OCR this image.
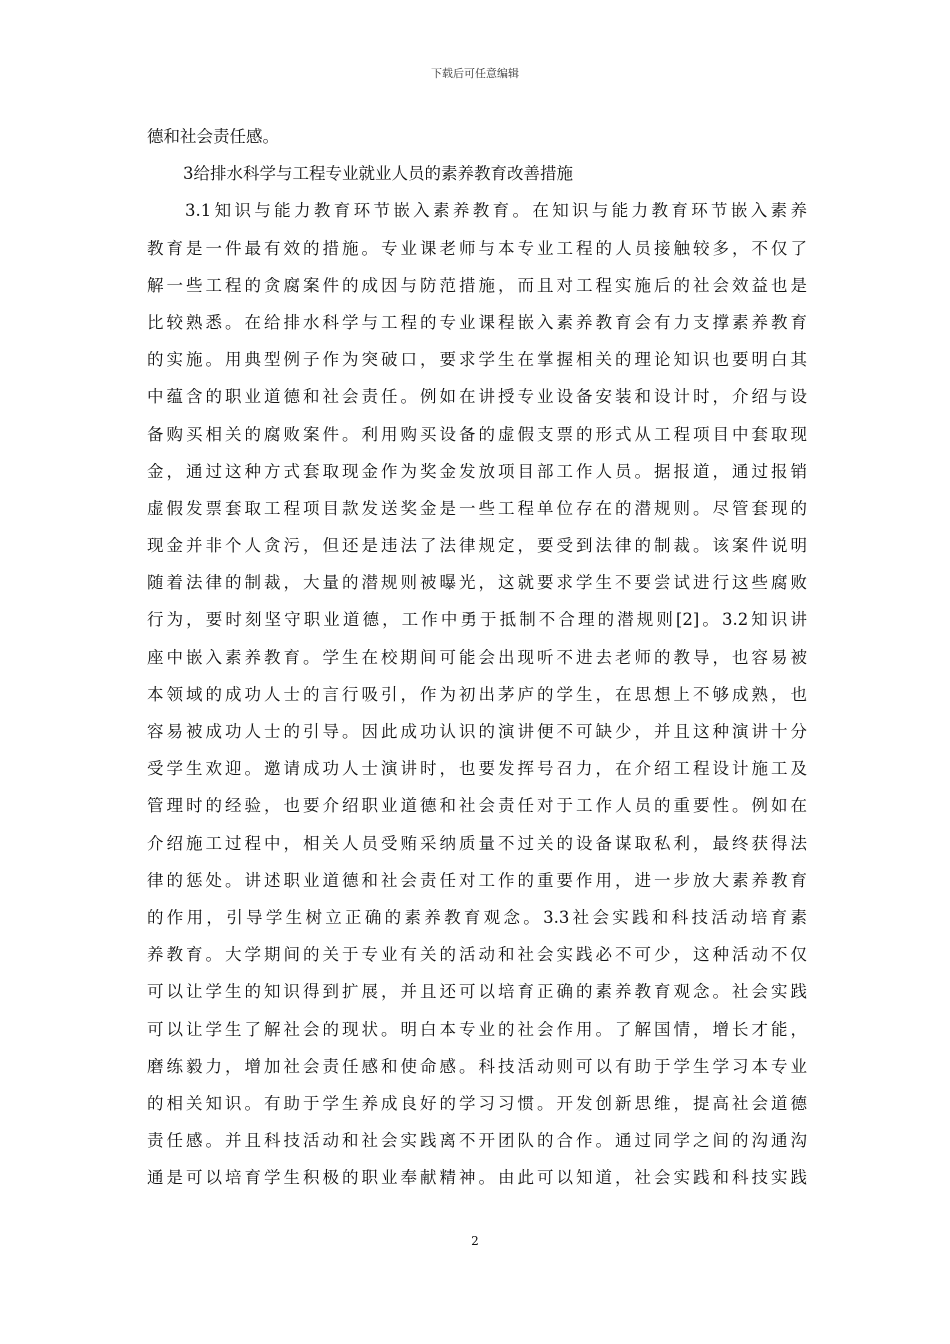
下载后可任意编辑
德和社会责任感。
3给排水科学与工程专业就业人员的素养教育改善措施
3.1知识与能力教育环节嵌入素养教育。在知识与能力教育环节嵌入素养
教育是一件最有效的措施。专业课老师与本专业工程的人员接触较多，不仅了
解一些工程的贪腐案件的成因与防范措施，而且对工程实施后的社会效益也是
比较熟悉。在给排水科学与工程的专业课程嵌入素养教育会有力支撑素养教育
的实施。用典型例子作为突破口，要求学生在掌握相关的理论知识也要明白其
中蕴含的职业道德和社会责任。例如在讲授专业设备安装和设计时，介绍与设
备购买相关的腐败案件。利用购买设备的虚假支票的形式从工程项目中套取现
金，通过这种方式套取现金作为奖金发放项目部工作人员。据报道，通过报销
虚假发票套取工程项目款发送奖金是一些工程单位存在的潜规则。尽管套现的
现金并非个人贪污，但还是违法了法律规定，要受到法律的制裁。该案件说明
随着法律的制裁，大量的潜规则被曝光，这就要求学生不要尝试进行这些腐败
行为，要时刻坚守职业道德，工作中勇于抵制不合理的潜规则[2]。3.2知识讲
座中嵌入素养教育。学生在校期间可能会出现听不进去老师的教导，也容易被
本领域的成功人士的言行吸引，作为初出茅庐的学生，在思想上不够成熟，也
容易被成功人士的引导。因此成功认识的演讲便不可缺少，并且这种演讲十分
受学生欢迎。邀请成功人士演讲时，也要发挥号召力，在介绍工程设计施工及
管理时的经验，也要介绍职业道德和社会责任对于工作人员的重要性。例如在
介绍施工过程中，相关人员受贿采纳质量不过关的设备谋取私利，最终获得法
律的惩处。讲述职业道德和社会责任对工作的重要作用，进一步放大素养教育
的作用，引导学生树立正确的素养教育观念。3.3社会实践和科技活动培育素
养教育。大学期间的关于专业有关的活动和社会实践必不可少，这种活动不仅
可以让学生的知识得到扩展，并且还可以培育正确的素养教育观念。社会实践
可以让学生了解社会的现状。明白本专业的社会作用。了解国情，增长才能，
磨练毅力，增加社会责任感和使命感。科技活动则可以有助于学生学习本专业
的相关知识。有助于学生养成良好的学习习惯。开发创新思维，提高社会道德
责任感。并且科技活动和社会实践离不开团队的合作。通过同学之间的沟通沟
通是可以培育学生积极的职业奉献精神。由此可以知道，社会实践和科技实践
2
